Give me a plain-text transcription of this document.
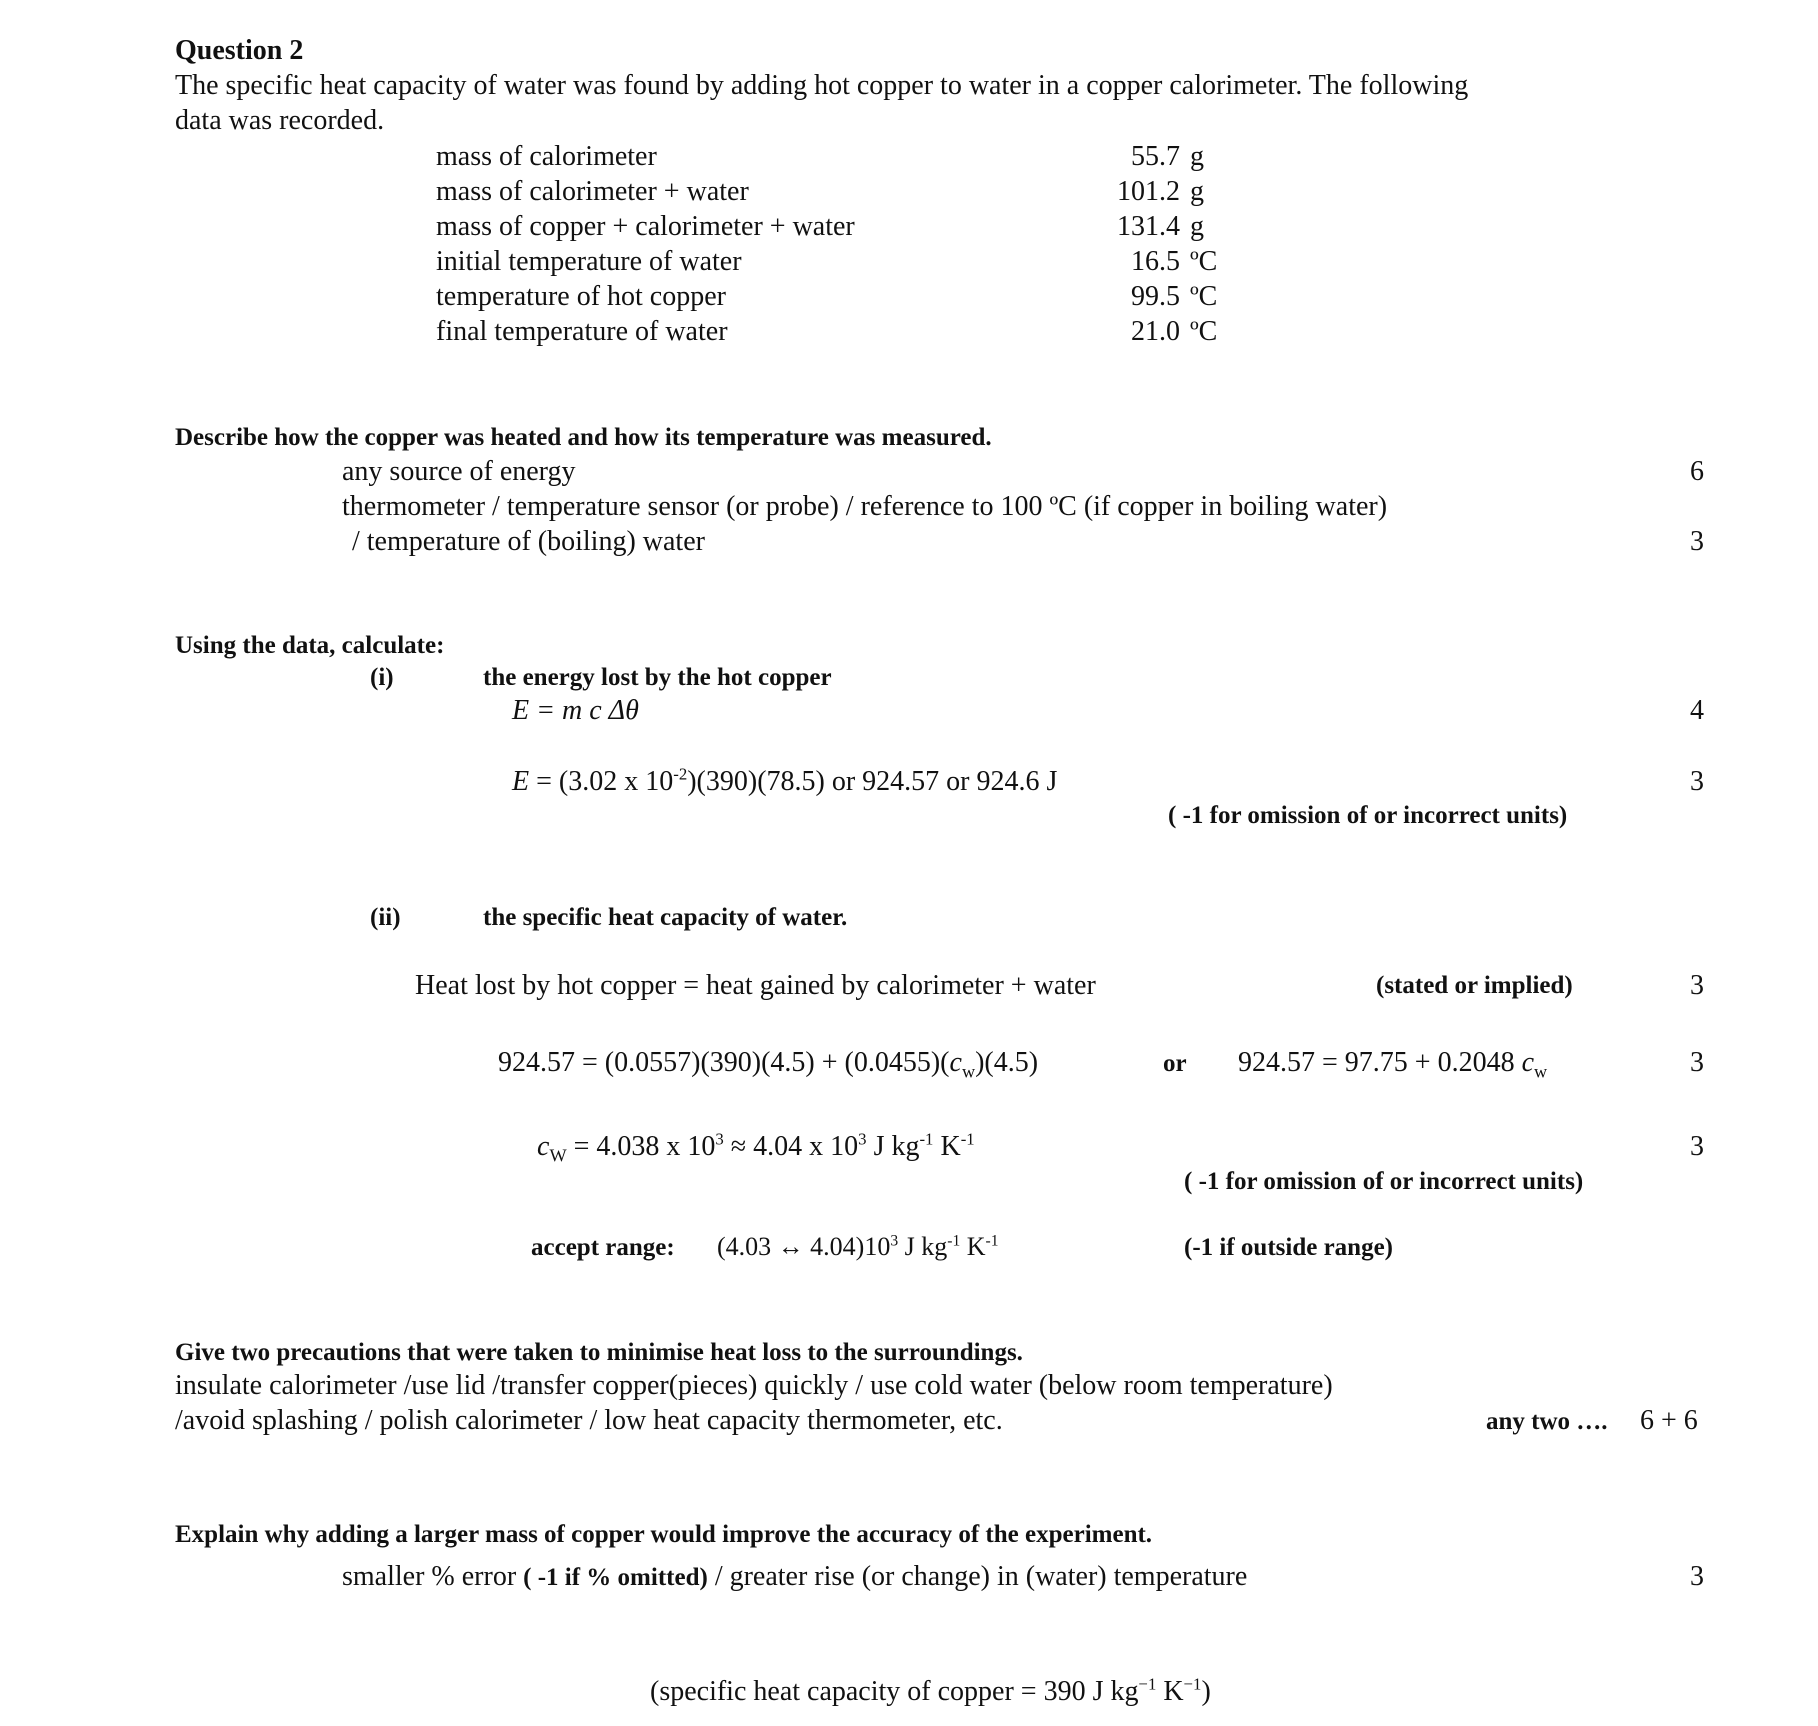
Question 2
The specific heat capacity of water was found by adding hot copper to water in a copper calorimeter. The following
data was recorded.
mass of calorimeter	55.7 g
mass of calorimeter + water	101.2 g
mass of copper + calorimeter + water	131.4 g
initial temperature of water	16.5 ºC
temperature of hot copper	99.5 ºC
final temperature of water	21.0 ºC
Describe how the copper was heated and how its temperature was measured.
any source of energy	6
thermometer / temperature sensor (or probe) / reference to 100 ºC (if copper in boiling water)
/ temperature of (boiling) water	3
Using the data, calculate:
(i)	the energy lost by the hot copper
E = m c Δθ	4
E = (3.02 x $10^{-2})(390)(78.5)$ or 924.57 or 924.6 J	3
( -1 for omission of or incorrect units)
(ii)	the specific heat capacity of water.
Heat lost by hot copper = heat gained by calorimeter + water	(stated or implied)	3
$924.57 = (0.0557)(390)(4.5) + (0.0455)(c_w)(4.5)$	or 924.57 = 97.75 + 0.2048 $c_w$	3
$c_W = 4.038$ x $10^3 \approx 4.04$ x $10^3$ J $kg^{-1}$ $K^{-1}$	3
( -1 for omission of or incorrect units)
accept range: (4.03 ↔ $4.04)10^3$ J $kg^{-1}$ $K^{-1}$	(-1 if outside range)
Give two precautions that were taken to minimise heat loss to the surroundings.
insulate calorimeter /use lid /transfer copper(pieces) quickly / use cold water (below room temperature)
/avoid splashing / polish calorimeter / low heat capacity thermometer, etc.	any two …. 6 + 6
Explain why adding a larger mass of copper would improve the accuracy of the experiment.
smaller % error ( -1 if % omitted) / greater rise (or change) in (water) temperature	3
(specific heat capacity of copper = 390 J $kg^{-1}$ $K^{-1}$)
